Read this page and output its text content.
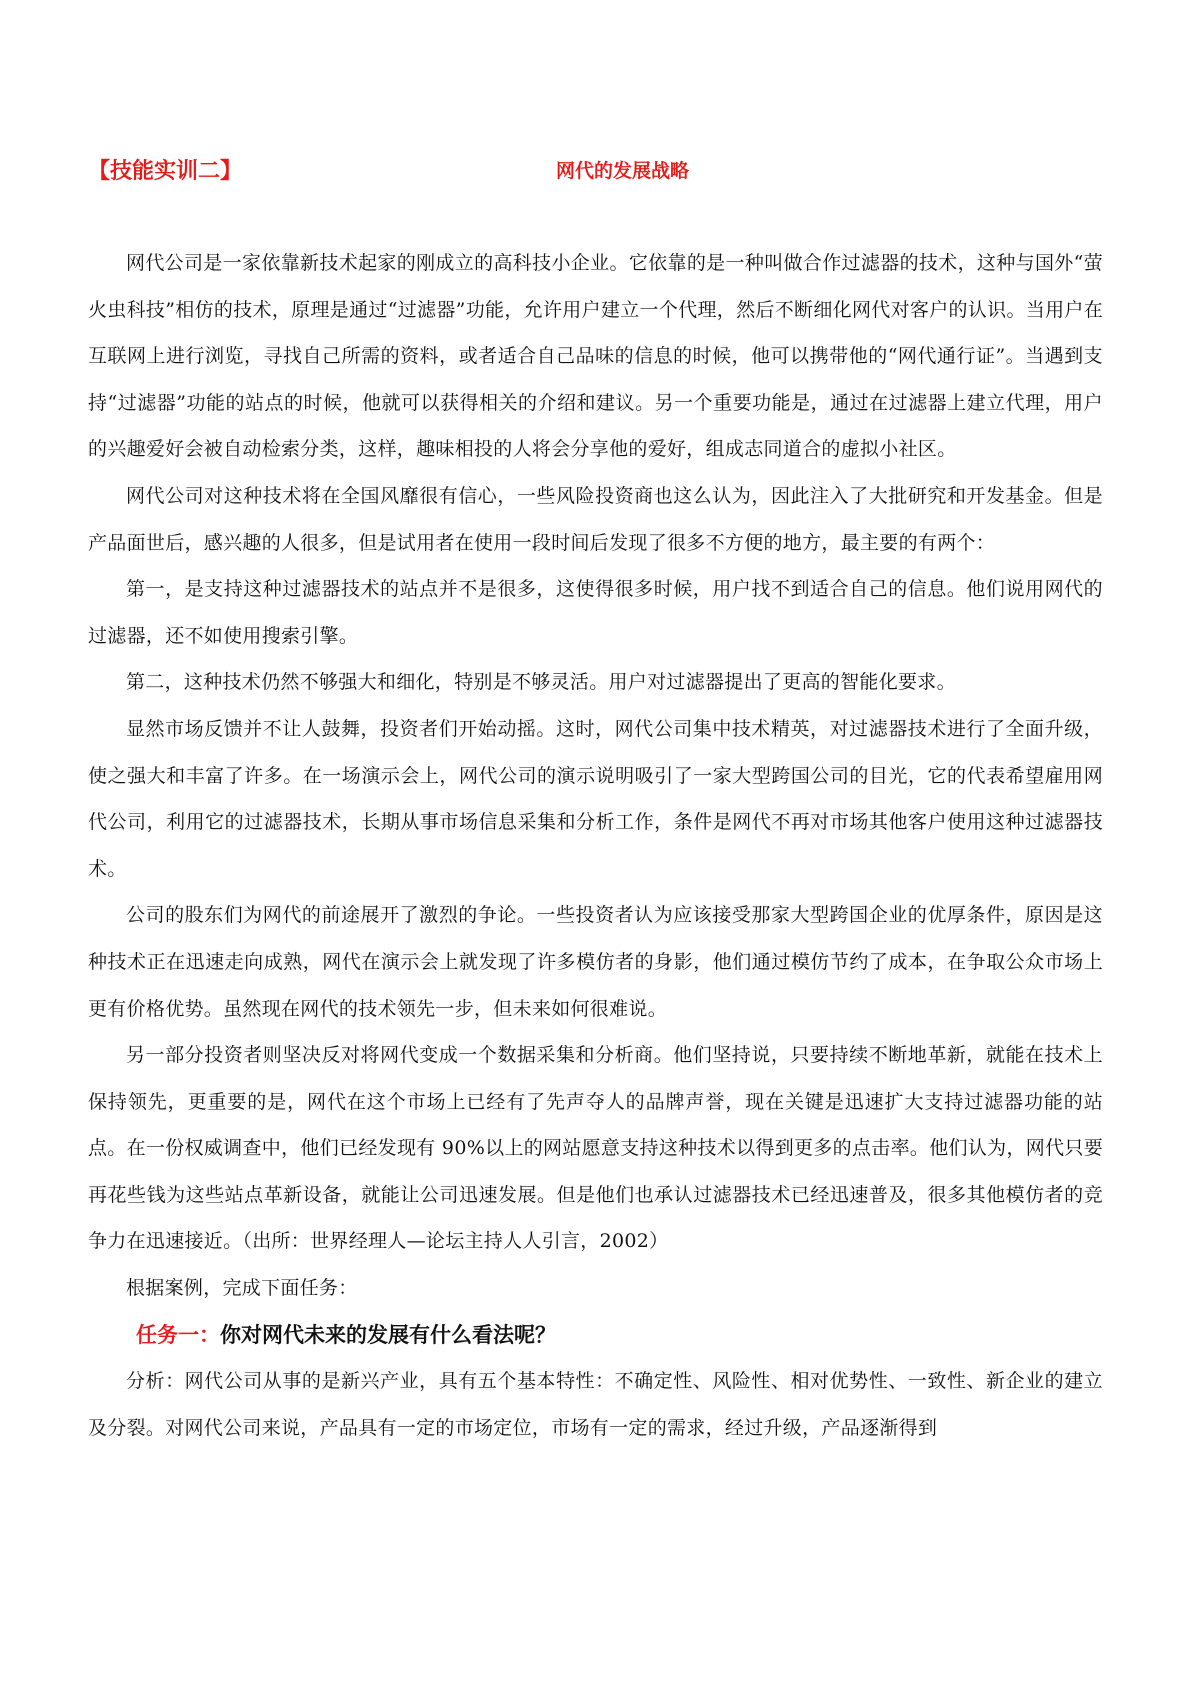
【技能实训二】	网代的发展战略

网代公司是一家依靠新技术起家的刚成立的高科技小企业。它依靠的是一种叫做合作过滤器的技术，这种与国外“萤火虫科技”相仿的技术，原理是通过“过滤器”功能，允许用户建立一个代理，然后不断细化网代对客户的认识。当用户在互联网上进行浏览，寻找自己所需的资料，或者适合自己品味的信息的时候，他可以携带他的“网代通行证”。当遇到支持“过滤器”功能的站点的时候，他就可以获得相关的介绍和建议。另一个重要功能是，通过在过滤器上建立代理，用户的兴趣爱好会被自动检索分类，这样，趣味相投的人将会分享他的爱好，组成志同道合的虚拟小社区。

网代公司对这种技术将在全国风靡很有信心，一些风险投资商也这么认为，因此注入了大批研究和开发基金。但是产品面世后，感兴趣的人很多，但是试用者在使用一段时间后发现了很多不方便的地方，最主要的有两个：

第一，是支持这种过滤器技术的站点并不是很多，这使得很多时候，用户找不到适合自己的信息。他们说用网代的过滤器，还不如使用搜索引擎。

第二，这种技术仍然不够强大和细化，特别是不够灵活。用户对过滤器提出了更高的智能化要求。

显然市场反馈并不让人鼓舞，投资者们开始动摇。这时，网代公司集中技术精英，对过滤器技术进行了全面升级，使之强大和丰富了许多。在一场演示会上，网代公司的演示说明吸引了一家大型跨国公司的目光，它的代表希望雇用网代公司，利用它的过滤器技术，长期从事市场信息采集和分析工作，条件是网代不再对市场其他客户使用这种过滤器技术。

公司的股东们为网代的前途展开了激烈的争论。一些投资者认为应该接受那家大型跨国企业的优厚条件，原因是这种技术正在迅速走向成熟，网代在演示会上就发现了许多模仿者的身影，他们通过模仿节约了成本，在争取公众市场上更有价格优势。虽然现在网代的技术领先一步，但未来如何很难说。

另一部分投资者则坚决反对将网代变成一个数据采集和分析商。他们坚持说，只要持续不断地革新，就能在技术上保持领先，更重要的是，网代在这个市场上已经有了先声夺人的品牌声誉，现在关键是迅速扩大支持过滤器功能的站点。在一份权威调查中，他们已经发现有 90%以上的网站愿意支持这种技术以得到更多的点击率。他们认为，网代只要再花些钱为这些站点革新设备，就能让公司迅速发展。但是他们也承认过滤器技术已经迅速普及，很多其他模仿者的竞争力在迅速接近。（出所：世界经理人—论坛主持人人引言，2002）

根据案例，完成下面任务：

任务一：你对网代未来的发展有什么看法呢？

分析：网代公司从事的是新兴产业，具有五个基本特性：不确定性、风险性、相对优势性、一致性、新企业的建立及分裂。对网代公司来说，产品具有一定的市场定位，市场有一定的需求，经过升级，产品逐渐得到
